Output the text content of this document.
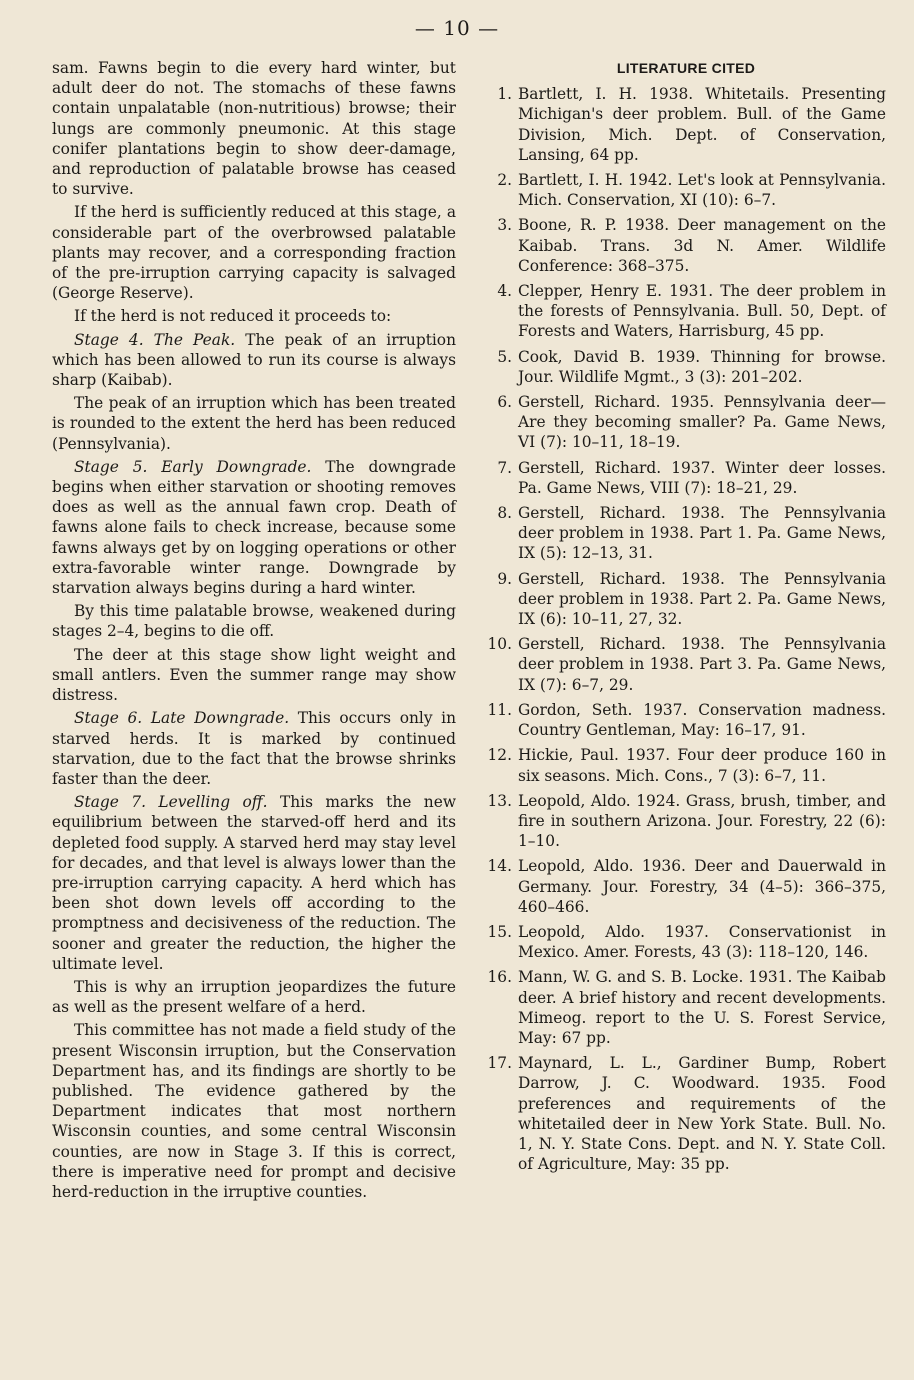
— 10 —

sam. Fawns begin to die every hard winter, but adult deer do not. The stomachs of these fawns contain unpalatable (non-nutritious) browse; their lungs are commonly pneumonic. At this stage conifer plantations begin to show deer-damage, and reproduction of palatable browse has ceased to survive.

If the herd is sufficiently reduced at this stage, a considerable part of the overbrowsed palatable plants may recover, and a corresponding fraction of the pre-irruption carrying capacity is salvaged (George Reserve).

If the herd is not reduced it proceeds to:

Stage 4. The Peak. The peak of an irruption which has been allowed to run its course is always sharp (Kaibab).

The peak of an irruption which has been treated is rounded to the extent the herd has been reduced (Pennsylvania).

Stage 5. Early Downgrade. The downgrade begins when either starvation or shooting removes does as well as the annual fawn crop. Death of fawns alone fails to check increase, because some fawns always get by on logging operations or other extra-favorable winter range. Downgrade by starvation always begins during a hard winter.

By this time palatable browse, weakened during stages 2–4, begins to die off.

The deer at this stage show light weight and small antlers. Even the summer range may show distress.

Stage 6. Late Downgrade. This occurs only in starved herds. It is marked by continued starvation, due to the fact that the browse shrinks faster than the deer.

Stage 7. Levelling off. This marks the new equilibrium between the starved-off herd and its depleted food supply. A starved herd may stay level for decades, and that level is always lower than the pre-irruption carrying capacity. A herd which has been shot down levels off according to the promptness and decisiveness of the reduction. The sooner and greater the reduction, the higher the ultimate level.

This is why an irruption jeopardizes the future as well as the present welfare of a herd.

This committee has not made a field study of the present Wisconsin irruption, but the Conservation Department has, and its findings are shortly to be published. The evidence gathered by the Department indicates that most northern Wisconsin counties, and some central Wisconsin counties, are now in Stage 3. If this is correct, there is imperative need for prompt and decisive herd-reduction in the irruptive counties.

LITERATURE CITED
1. Bartlett, I. H. 1938. Whitetails. Presenting Michigan's deer problem. Bull. of the Game Division, Mich. Dept. of Conservation, Lansing, 64 pp.
2. Bartlett, I. H. 1942. Let's look at Pennsylvania. Mich. Conservation, XI (10): 6–7.
3. Boone, R. P. 1938. Deer management on the Kaibab. Trans. 3d N. Amer. Wildlife Conference: 368–375.
4. Clepper, Henry E. 1931. The deer problem in the forests of Pennsylvania. Bull. 50, Dept. of Forests and Waters, Harrisburg, 45 pp.
5. Cook, David B. 1939. Thinning for browse. Jour. Wildlife Mgmt., 3 (3): 201–202.
6. Gerstell, Richard. 1935. Pennsylvania deer—Are they becoming smaller? Pa. Game News, VI (7): 10–11, 18–19.
7. Gerstell, Richard. 1937. Winter deer losses. Pa. Game News, VIII (7): 18–21, 29.
8. Gerstell, Richard. 1938. The Pennsylvania deer problem in 1938. Part 1. Pa. Game News, IX (5): 12–13, 31.
9. Gerstell, Richard. 1938. The Pennsylvania deer problem in 1938. Part 2. Pa. Game News, IX (6): 10–11, 27, 32.
10. Gerstell, Richard. 1938. The Pennsylvania deer problem in 1938. Part 3. Pa. Game News, IX (7): 6–7, 29.
11. Gordon, Seth. 1937. Conservation madness. Country Gentleman, May: 16–17, 91.
12. Hickie, Paul. 1937. Four deer produce 160 in six seasons. Mich. Cons., 7 (3): 6–7, 11.
13. Leopold, Aldo. 1924. Grass, brush, timber, and fire in southern Arizona. Jour. Forestry, 22 (6): 1–10.
14. Leopold, Aldo. 1936. Deer and Dauerwald in Germany. Jour. Forestry, 34 (4–5): 366–375, 460–466.
15. Leopold, Aldo. 1937. Conservationist in Mexico. Amer. Forests, 43 (3): 118–120, 146.
16. Mann, W. G. and S. B. Locke. 1931. The Kaibab deer. A brief history and recent developments. Mimeog. report to the U. S. Forest Service, May: 67 pp.
17. Maynard, L. L., Gardiner Bump, Robert Darrow, J. C. Woodward. 1935. Food preferences and requirements of the whitetailed deer in New York State. Bull. No. 1, N. Y. State Cons. Dept. and N. Y. State Coll. of Agriculture, May: 35 pp.
